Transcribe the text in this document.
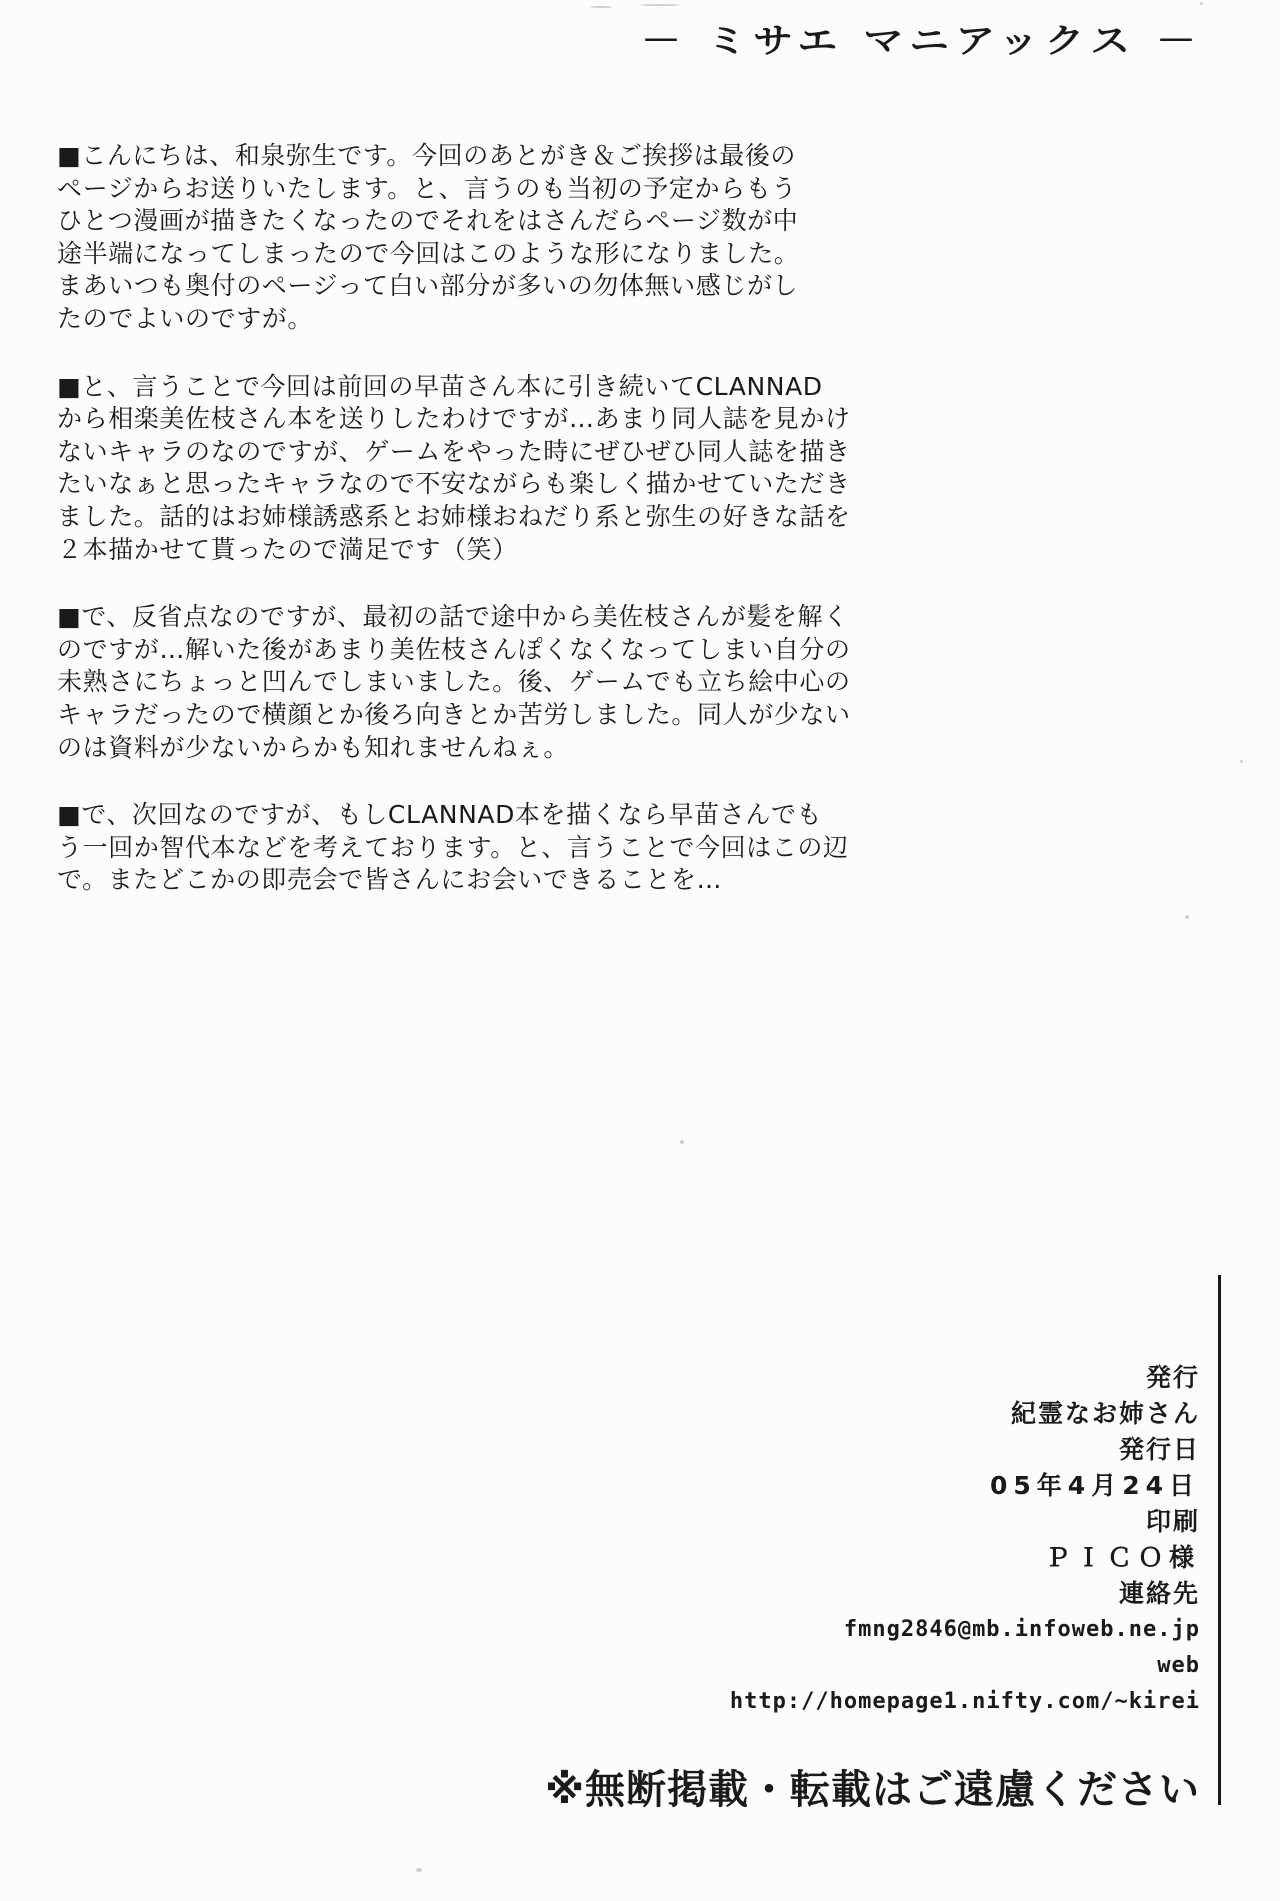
■こんにちは、和泉弥生です。今回のあとがき＆ご挨拶は最後の
ページからお送りいたします。と、言うのも当初の予定からもう
ひとつ漫画が描きたくなったのでそれをはさんだらページ数が中
途半端になってしまったので今回はこのような形になりました。
まあいつも奥付のページって白い部分が多いの勿体無い感じがし
たのでよいのですが。

■と、言うことで今回は前回の早苗さん本に引き続いてCLANNAD
から相楽美佐枝さん本を送りしたわけですが…あまり同人誌を見かけ
ないキャラのなのですが、ゲームをやった時にぜひぜひ同人誌を描き
たいなぁと思ったキャラなので不安ながらも楽しく描かせていただき
ました。話的はお姉様誘惑系とお姉様おねだり系と弥生の好きな話を
２本描かせて貰ったので満足です（笑）

■で、反省点なのですが、最初の話で途中から美佐枝さんが髪を解く
のですが…解いた後があまり美佐枝さんぽくなくなってしまい自分の
未熟さにちょっと凹んでしまいました。後、ゲームでも立ち絵中心の
キャラだったので横顔とか後ろ向きとか苦労しました。同人が少ない
のは資料が少ないからかも知れませんねぇ。

■で、次回なのですが、もしCLANNAD本を描くなら早苗さんでも
う一回か智代本などを考えております。と、言うことで今回はこの辺
で。またどこかの即売会で皆さんにお会いできることを…

－ ミサエ マニアックス －
発行
紀霊なお姉さん
発行日
05年4月24日
印刷
ＰＩＣＯ様
連絡先
fmng2846@mb.infoweb.ne.jp
web
http://homepage1.nifty.com/~kirei
※無断掲載・転載はご遠慮ください
